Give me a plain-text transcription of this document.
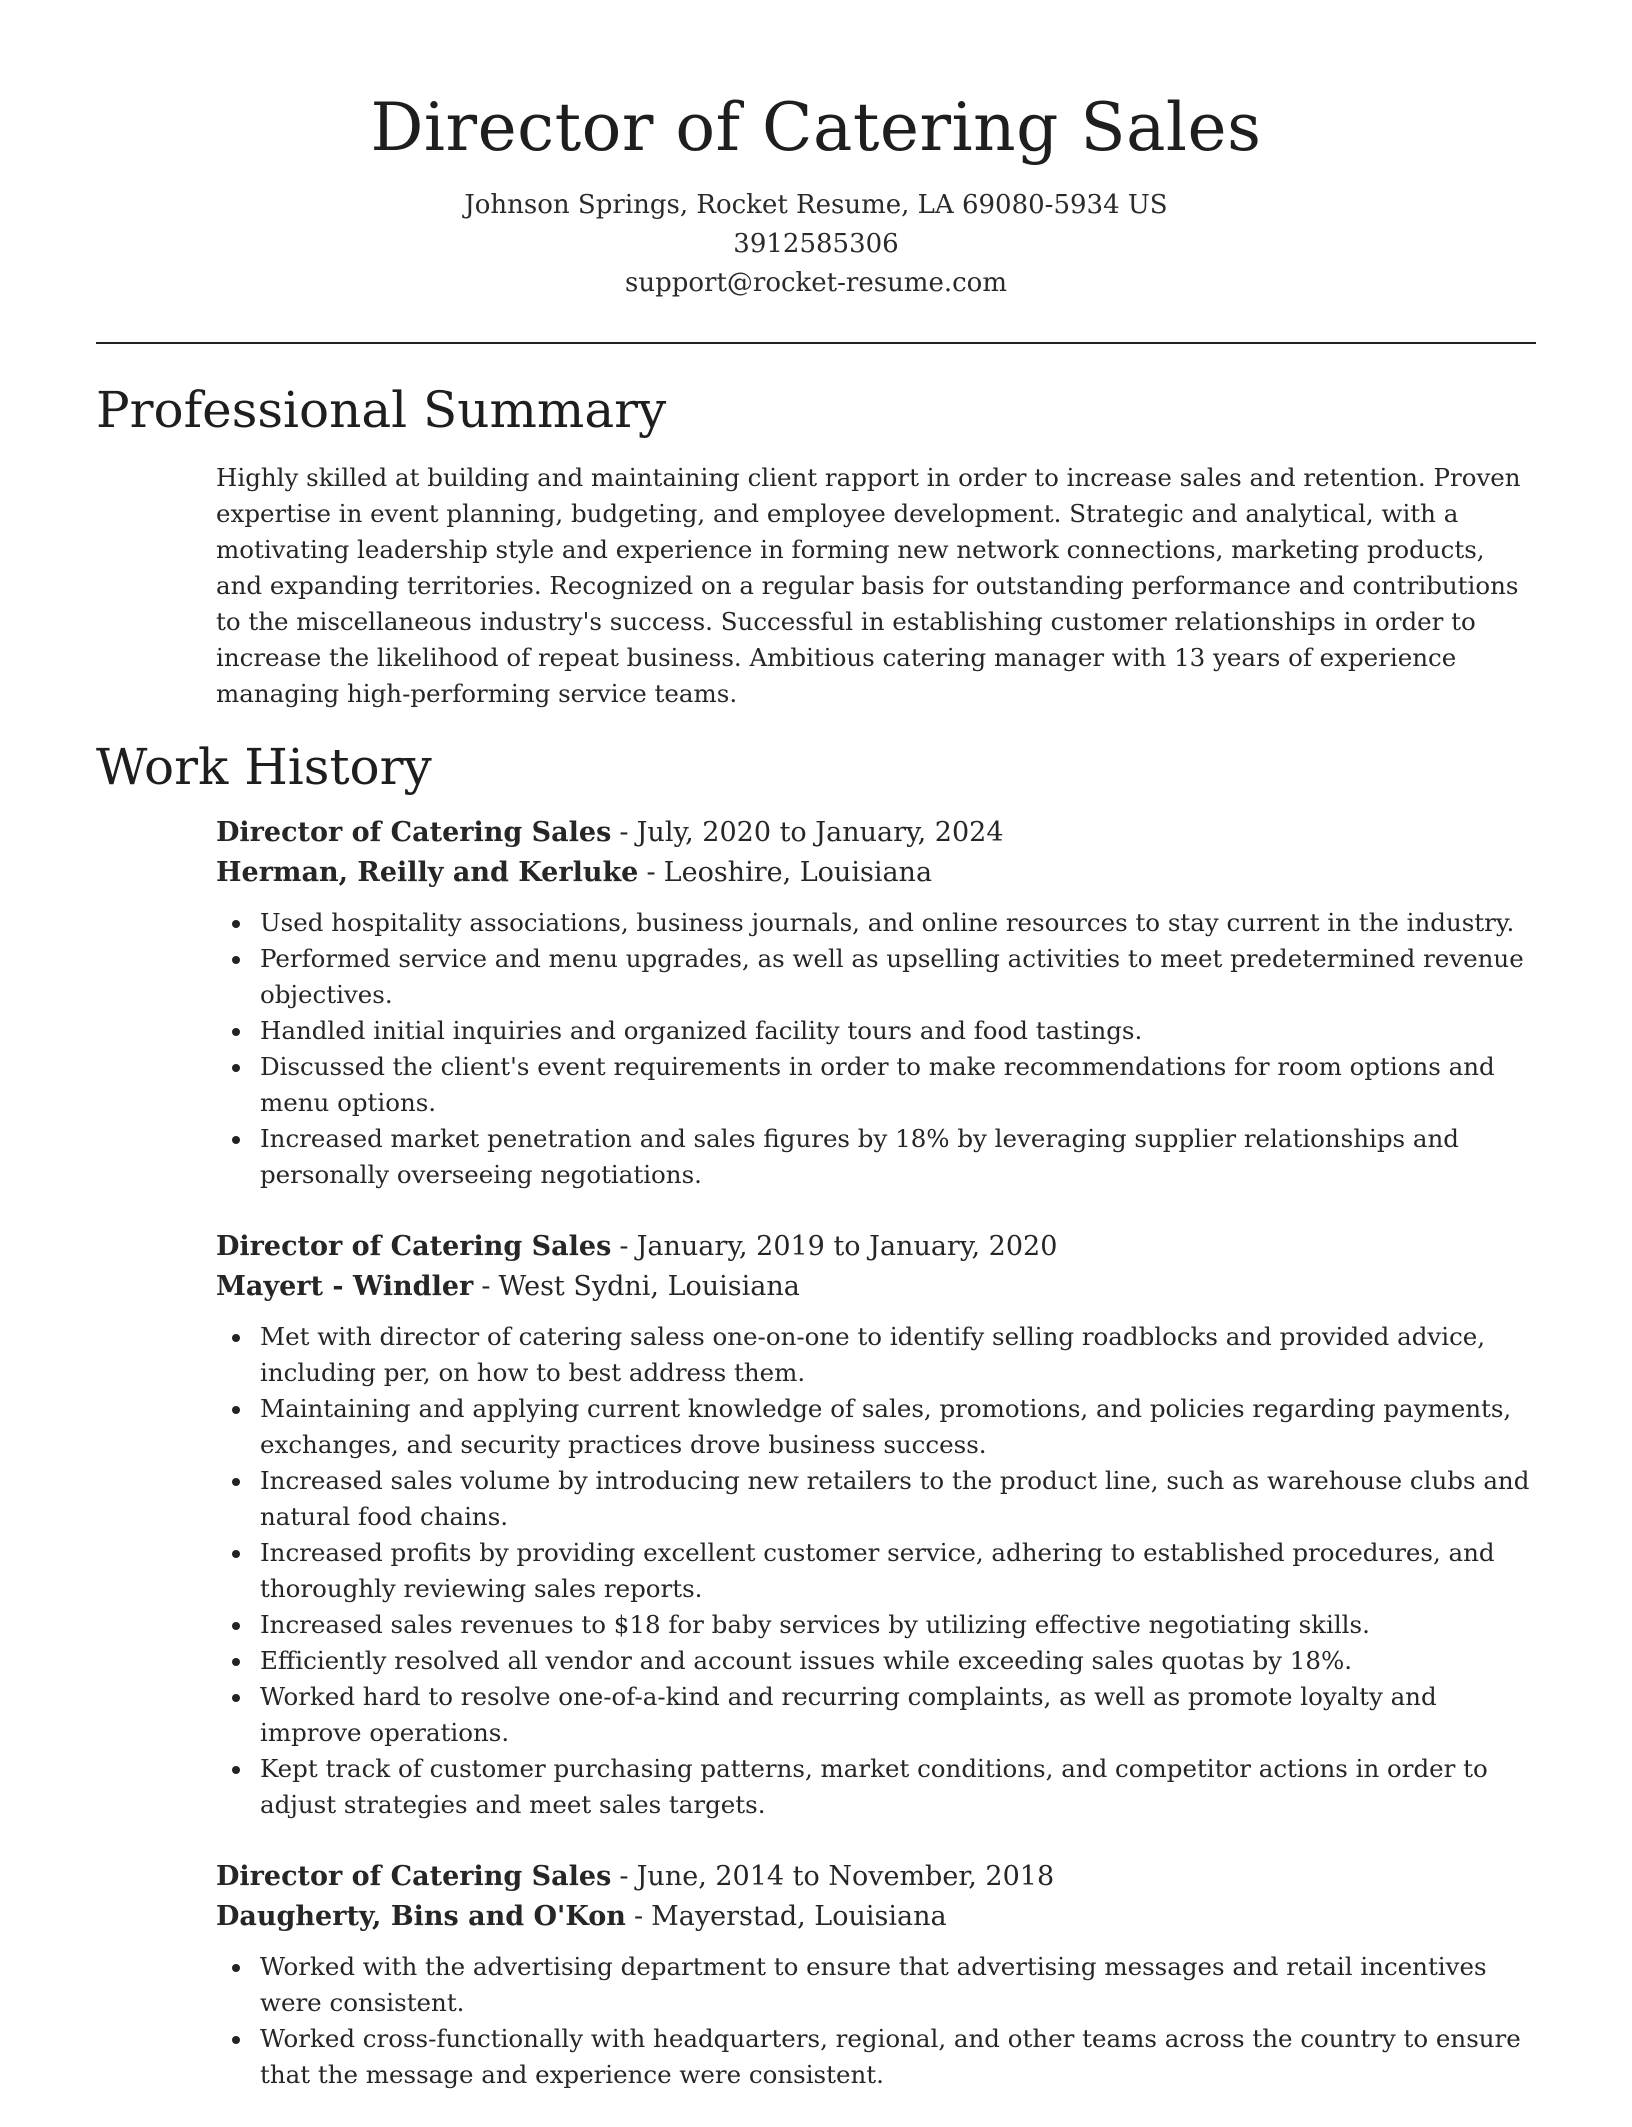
Director of Catering Sales
Johnson Springs, Rocket Resume, LA 69080-5934 US
3912585306
support@rocket-resume.com
Professional Summary

Highly skilled at building and maintaining client rapport in order to increase sales and retention. Proven expertise in event planning, budgeting, and employee development. Strategic and analytical, with a motivating leadership style and experience in forming new network connections, marketing products, and expanding territories. Recognized on a regular basis for outstanding performance and contributions to the miscellaneous industry's success. Successful in establishing customer relationships in order to increase the likelihood of repeat business. Ambitious catering manager with 13 years of experience managing high-performing service teams.

Work History
Director of Catering Sales - July, 2020 to January, 2024
Herman, Reilly and Kerluke - Leoshire, Louisiana
Used hospitality associations, business journals, and online resources to stay current in the industry.
Performed service and menu upgrades, as well as upselling activities to meet predetermined revenue objectives.
Handled initial inquiries and organized facility tours and food tastings.
Discussed the client's event requirements in order to make recommendations for room options and menu options.
Increased market penetration and sales figures by 18% by leveraging supplier relationships and personally overseeing negotiations.
Director of Catering Sales - January, 2019 to January, 2020
Mayert - Windler - West Sydni, Louisiana
Met with director of catering saless one-on-one to identify selling roadblocks and provided advice, including per, on how to best address them.
Maintaining and applying current knowledge of sales, promotions, and policies regarding payments, exchanges, and security practices drove business success.
Increased sales volume by introducing new retailers to the product line, such as warehouse clubs and natural food chains.
Increased profits by providing excellent customer service, adhering to established procedures, and thoroughly reviewing sales reports.
Increased sales revenues to $18 for baby services by utilizing effective negotiating skills.
Efficiently resolved all vendor and account issues while exceeding sales quotas by 18%.
Worked hard to resolve one-of-a-kind and recurring complaints, as well as promote loyalty and improve operations.
Kept track of customer purchasing patterns, market conditions, and competitor actions in order to adjust strategies and meet sales targets.
Director of Catering Sales - June, 2014 to November, 2018
Daugherty, Bins and O'Kon - Mayerstad, Louisiana
Worked with the advertising department to ensure that advertising messages and retail incentives were consistent.
Worked cross-functionally with headquarters, regional, and other teams across the country to ensure that the message and experience were consistent.
